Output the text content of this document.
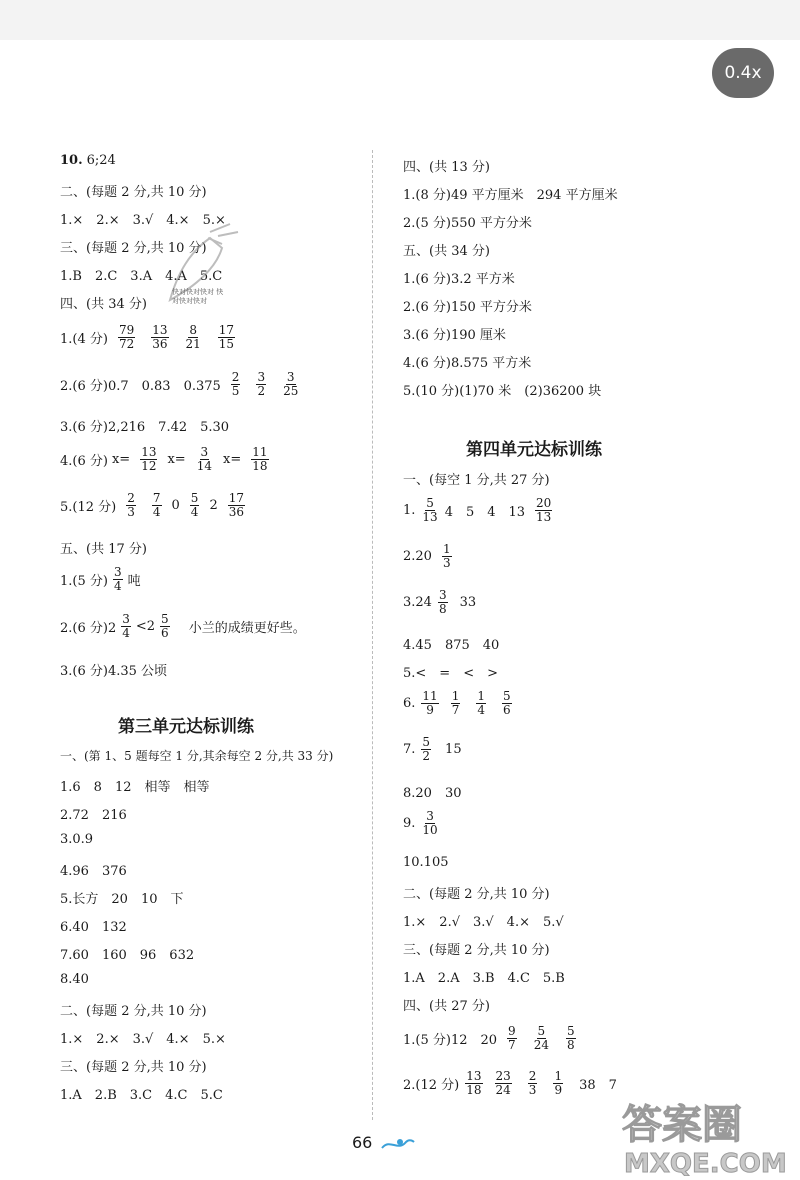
0.4x
10. 6;24
二、(每题 2 分,共 10 分)
1.×　2.×　3.√　4.×　5.×
三、(每题 2 分,共 10 分)
1.B　2.C　3.A　4.A　5.C
四、(共 34 分)
快对快对快对 快对快对快对
1.(4 分) $\frac{79}{72} \frac{13}{36} \frac{8}{21} \frac{17}{15}$
2.(6 分)0.7　0.83　$0.375 \frac{2}{5} \frac{3}{2} \frac{3}{25}$
3.(6 分)2,216　7.42　5.30
4.(6 分) $x= \frac{13}{12} x= \frac{3}{14} x= \frac{11}{18}$
5.(12 分) $\frac{2}{3} \frac{7}{4} 0 \frac{5}{4} 2 \frac{17}{36}$
五、(共 17 分)
1.(5 分) $\frac{3}{4}$ 吨
2.(6 分)$2 \frac{3}{4} <2 \frac{5}{6}$ 小兰的成绩更好些。
3.(6 分)4.35 公顷
第三单元达标训练
一、(第 1、5 题每空 1 分,其余每空 2 分,共 33 分)
1.6　8　12　相等　相等
2.72　216
3.0.9
4.96　376
5.长方　20　10　下
6.40　132
7.60　160　96　632
8.40
二、(每题 2 分,共 10 分)
1.×　2.×　3.√　4.×　5.×
三、(每题 2 分,共 10 分)
1.A　2.B　3.C　4.C　5.C
四、(共 13 分)
1.(8 分)49 平方厘米　294 平方厘米
2.(5 分)550 平方分米
五、(共 34 分)
1.(6 分)3.2 平方米
2.(6 分)150 平方分米
3.(6 分)190 厘米
4.(6 分)8.575 平方米
5.(10 分)(1)70 米　(2)36200 块
第四单元达标训练
一、(每空 1 分,共 27 分)
1. $\frac{5}{13} 4$　5　4　$13 \frac{20}{13}$
$2.20 \frac{1}{3}$
$3.24 \frac{3}{8} 33$
4.45　875　40
5.<　=　<　>
6. $\frac{11}{9} \frac{1}{7} \frac{1}{4} \frac{5}{6}$
7. $\frac{5}{2} 15$
8.20　30
9. $\frac{3}{10}$
10.105
二、(每题 2 分,共 10 分)
1.×　2.√　3.√　4.×　5.√
三、(每题 2 分,共 10 分)
1.A　2.A　3.B　4.C　5.B
四、(共 27 分)
1.(5 分)12　$20 \frac{9}{7} \frac{5}{24} \frac{5}{8}$
2.(12 分) $\frac{13}{18} \frac{23}{24} \frac{2}{3} \frac{1}{9} 38$　7
66	答案圈
MXQE.COM
